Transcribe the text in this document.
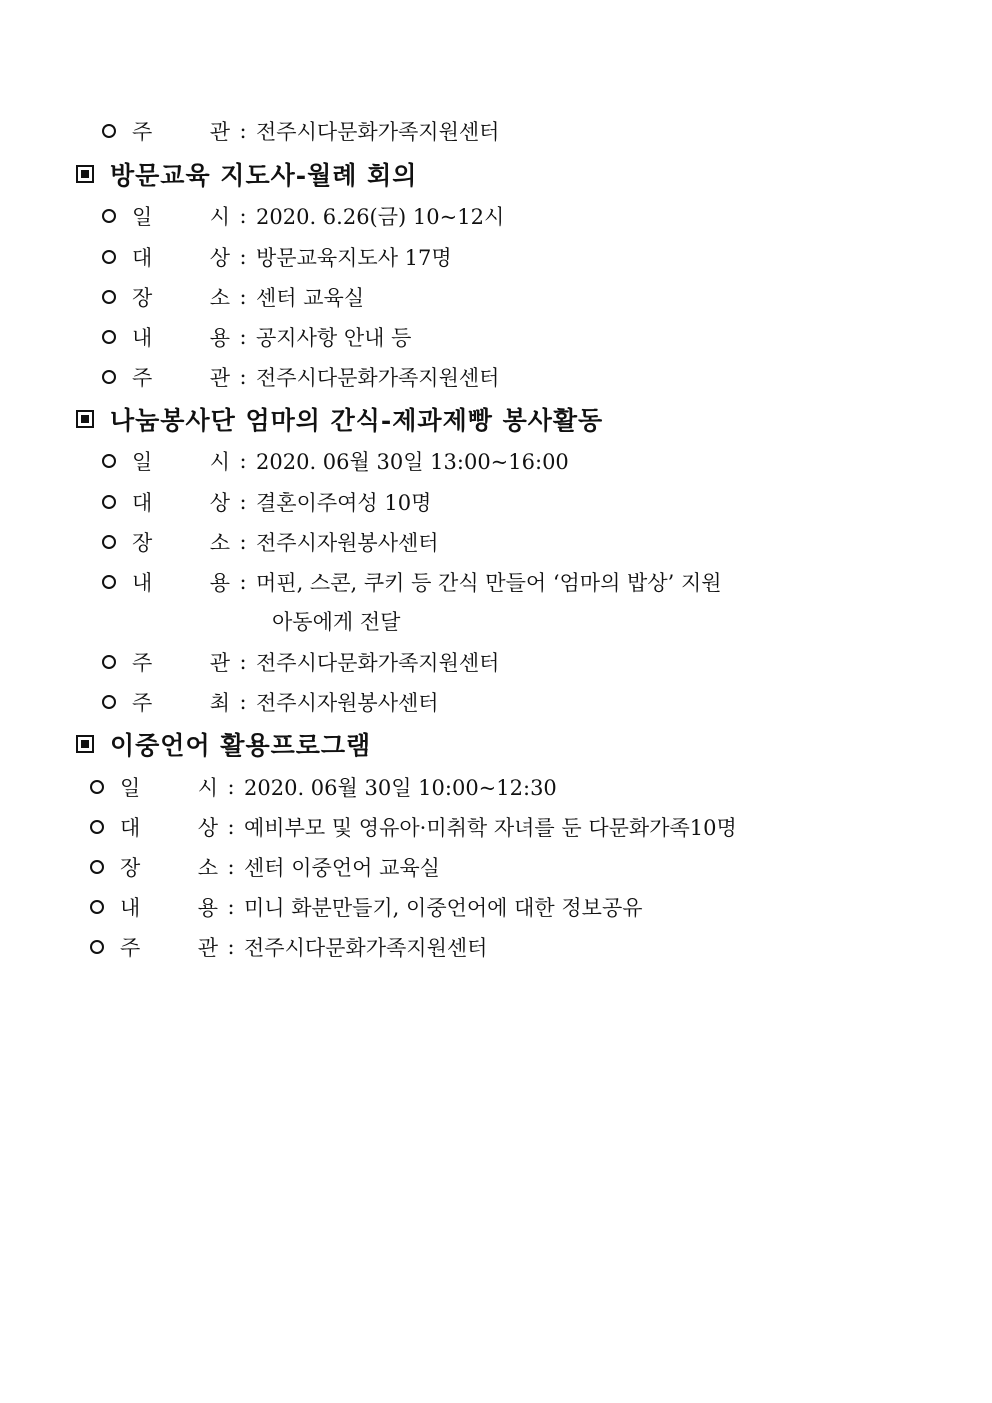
주	관 : 전주시다문화가족지원센터
방문교육 지도사-월례 회의
일	시 : 2020. 6.26(금) 10~12시
대	상 : 방문교육지도사 17명
장	소 : 센터 교육실
내	용 : 공지사항 안내 등
주	관 : 전주시다문화가족지원센터
나눔봉사단 엄마의 간식-제과제빵 봉사활동
일	시 : 2020. 06월 30일 13:00~16:00
대	상 : 결혼이주여성 10명
장	소 : 전주시자원봉사센터
내	용 : 머핀, 스콘, 쿠키 등 간식 만들어 ‘엄마의 밥상’ 지원
아동에게 전달
주	관 : 전주시다문화가족지원센터
주	최 : 전주시자원봉사센터
이중언어 활용프로그램
일	시 : 2020. 06월 30일 10:00~12:30
대	상 : 예비부모 및 영유아·미취학 자녀를 둔 다문화가족10명
장	소 : 센터 이중언어 교육실
내	용 : 미니 화분만들기, 이중언어에 대한 정보공유
주	관 : 전주시다문화가족지원센터
